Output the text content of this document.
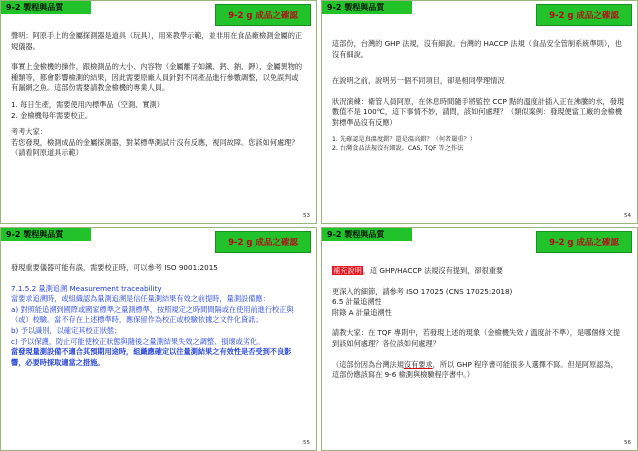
9-2 製程與品質
9-2 g 成品之確認

聲明：阿原手上的金屬探測器是道具（玩具），用來教學示範，並非用在食品廠檢測金屬的正規儀器。

事實上金檢機的操作，跟檢測品的大小、內容物（金屬離子如鐵、鈣、鈉、鉀）、金屬異物的種類等，都會影響檢測的結果，因此需要原廠人員針對不同產品進行參數調整，以免誤判或有漏網之魚。這部份需要請教金檢機的專業人員。

1. 每日生產，需要使用內標準品（空測、實測）

2. 金檢機每年需要校正。

考考大家：

若您發現，檢測成品的金屬探測器，對某標準測試片沒有反應，視同故障。您該如何處理？（請看阿原道具示範）

53
9-2 製程與品質
9-2 g 成品之確認

這部份，台灣的 GHP 法規，沒有細說。台灣的 HACCP 法規（食品安全管制系統準則），也沒有細說。

在說明之前，說明另一個不同項目，卻是相同學理情況

狀況演練：衛管人員阿原，在休息時間隨手將監控 CCP 點的溫度計插入正在沸騰的水，發現數值不是 100℃，這下事情不妙，請問，該如何處理？（類似案例：發現便當工廠的金檢機對標準品沒有反應）

1. 先確認是真溫度錯？還是溫高錯？（何者嚴重？）

2. 台灣食品法規沒有細說。CAS, TQF 等之作法

54
9-2 製程與品質
9-2 g 成品之確認

發現重要儀器可能有誤，需要校正時，可以參考 ISO 9001:2015

7.1.5.2 量測追溯 Measurement traceability

當要求追溯時，或組織認為量測追溯是信任量測結果有效之前提時，量測設備應：

a) 對照能追溯到國際或國家標準之量測標準，按照規定之時間間隔或在使用前進行校正與（或）校驗。當不存在上述標準時，應保留作為校正或校驗依據之文件化資訊；

b) 予以識別，以確定其校正狀態；

c) 予以保護，防止可能使校正狀態與隨後之量測結果失效之調整、損壞或劣化。

當發現量測設備不適合其預期用途時，組織應確定以往量測結果之有效性是否受到不良影響，必要時採取適當之措施。

55
9-2 製程與品質
9-2 g 成品之確認

補充說明，這 GHP/HACCP 法規沒有提到，卻很重要

更深入的細節，請參考 ISO 17025 (CNS 17025:2018)

6.5 計量追溯性

附錄 A 計量追溯性

請教大家：在 TQF 專則中，若發現上述的現象（金檢機失效 / 溫度計不準），是哪個條文提到該如何處理？各位該如何處理？

（這部份因為台灣法規沒有要求，所以 GHP 程序書可能很多人選擇不寫。但是阿原認為，這部份應該寫在 9-6 檢測與檢驗程序書中。）

56
